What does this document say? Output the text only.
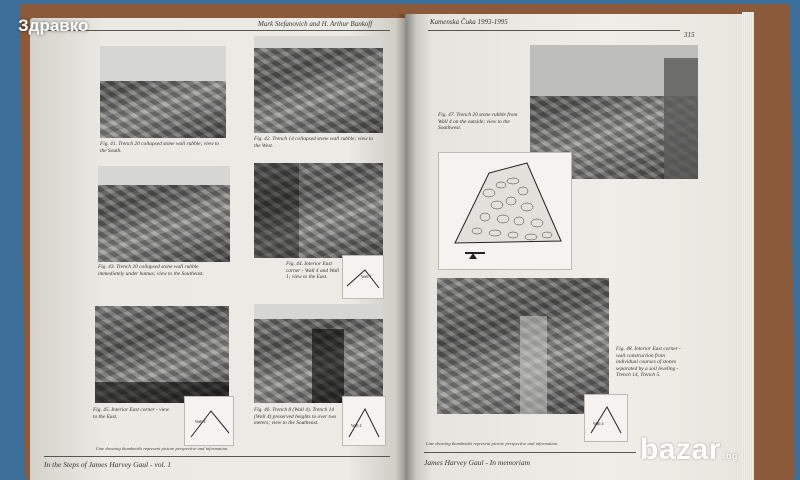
Mark Stefanovich and H. Arthur Bankoff
Fig. 41. Trench 20 collapsed stone wall rubble; view to the South.
Fig. 42. Trench 14 collapsed stone wall rubble; view to the West.
Fig. 43. Trench 20 collapsed stone wall rubble immediately under humus; view to the Southeast.
Fig. 44. Interior East corner - Wall 4 and Wall 1; view to the East.	Wall 1
Fig. 45. Interior East corner - view to the East.
Wall 4
Fig. 46. Trench 8 (Wall 4). Trench 14 (Wall 4) preserved heights to over two meters; view to the Southeast.	Wall 4
Line drawing thumbnails represent picture perspective and information.
In the Steps of James Harvey Gaul - vol. 1
Kamenska Čuka 1993-1995
315
Fig. 47. Trench 20 stone rubble from Wall 4 on the outside; view to the Southwest.
Fig. 48. Interior East corner - wall construction from individual courses of stones separated by a soil leveling - Trench 14, Trench 5.
Wall 4
Line drawing thumbnails represent picture perspective and information.
James Harvey Gaul - In memoriam
Здравко
bazar .bg
